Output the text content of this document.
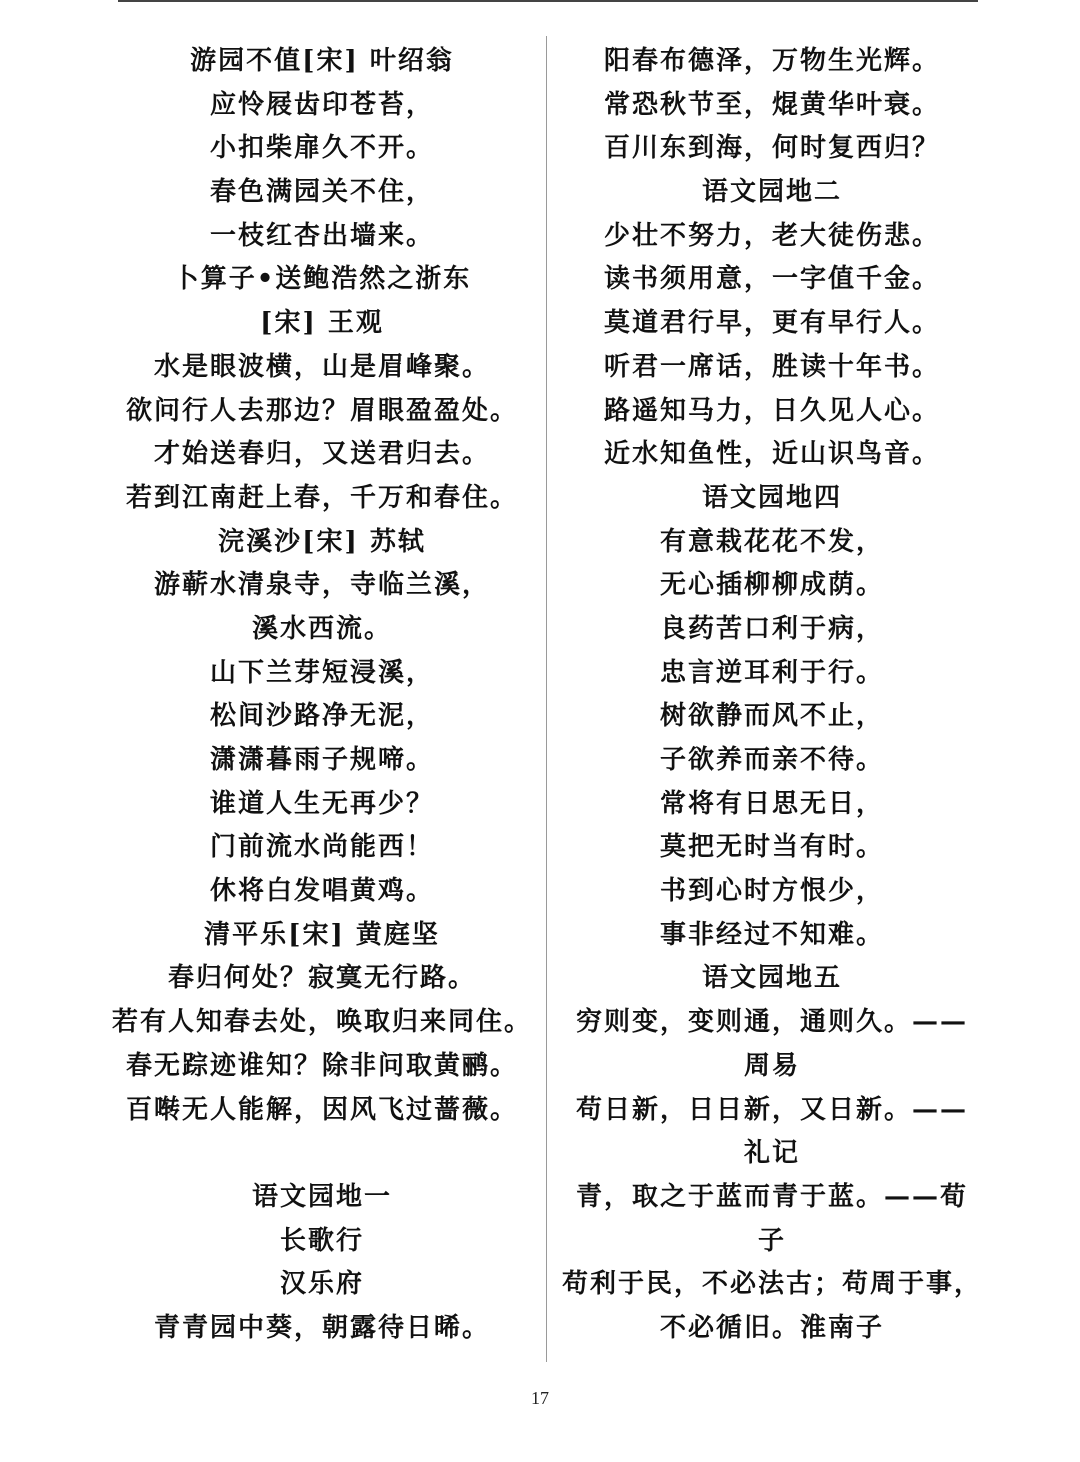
游园不值[宋] 叶绍翁
应怜屐齿印苍苔，
小扣柴扉久不开。
春色满园关不住，
一枝红杏出墙来。
卜算子•送鲍浩然之浙东
[宋] 王观
水是眼波横，山是眉峰聚。
欲问行人去那边？眉眼盈盈处。
才始送春归，又送君归去。
若到江南赶上春，千万和春住。
浣溪沙[宋] 苏轼
游蕲水清泉寺，寺临兰溪，
溪水西流。
山下兰芽短浸溪，
松间沙路净无泥，
潇潇暮雨子规啼。
谁道人生无再少？
门前流水尚能西！
休将白发唱黄鸡。
清平乐[宋] 黄庭坚
春归何处？寂寞无行路。
若有人知春去处，唤取归来同住。
春无踪迹谁知？除非问取黄鹂。
百啭无人能解，因风飞过蔷薇。
语文园地一
长歌行
汉乐府
青青园中葵，朝露待日晞。
阳春布德泽，万物生光辉。
常恐秋节至，焜黄华叶衰。
百川东到海，何时复西归？
语文园地二
少壮不努力，老大徒伤悲。
读书须用意，一字值千金。
莫道君行早，更有早行人。
听君一席话，胜读十年书。
路遥知马力，日久见人心。
近水知鱼性，近山识鸟音。
语文园地四
有意栽花花不发，
无心插柳柳成荫。
良药苦口利于病，
忠言逆耳利于行。
树欲静而风不止，
子欲养而亲不待。
常将有日思无日，
莫把无时当有时。
书到心时方恨少，
事非经过不知难。
语文园地五
穷则变，变则通，通则久。——
周易
苟日新，日日新，又日新。——
礼记
青，取之于蓝而青于蓝。——荀
子
苟利于民，不必法古；苟周于事，
不必循旧。淮南子
17
